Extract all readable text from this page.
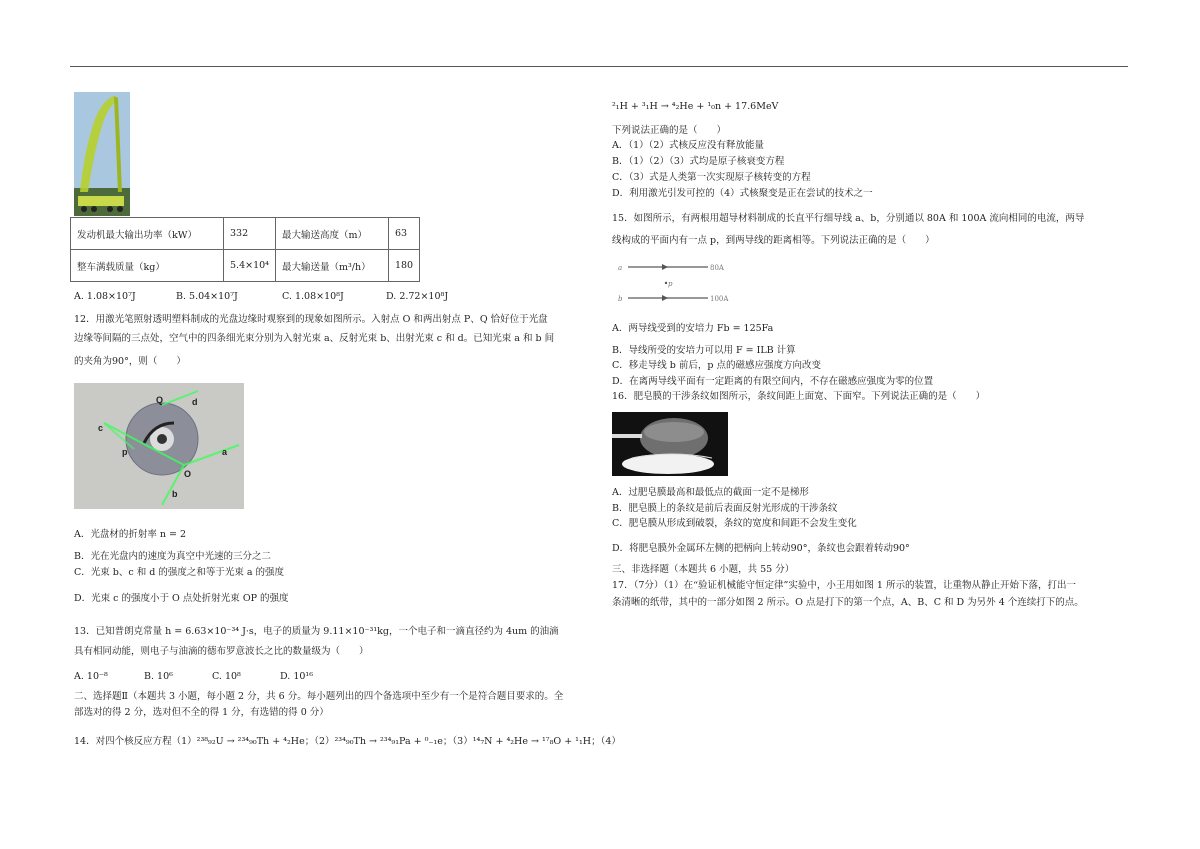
发动机最大输出功率（kW）	332	最大输送高度（m）	63
整车满载质量（kg）	5.4×10⁴	最大输送量（m³/h）	180
A. 1.08×10⁷J	B. 5.04×10⁷J	C. 1.08×10⁸J	D. 2.72×10⁸J
12．用激光笔照射透明塑料制成的光盘边缘时观察到的现象如图所示。入射点 O 和两出射点 P、Q 恰好位于光盘
边缘等间隔的三点处，空气中的四条细光束分别为入射光束 a、反射光束 b、出射光束 c 和 d。已知光束 a 和 b 间
的夹角为90°，则（　　）
Q	d
c
p	a
O
b
A．光盘材的折射率 n = 2
B．光在光盘内的速度为真空中光速的三分之二
C．光束 b、c 和 d 的强度之和等于光束 a 的强度
D．光束 c 的强度小于 O 点处折射光束 OP 的强度
13．已知普朗克常量 h = 6.63×10⁻³⁴ J·s，电子的质量为 9.11×10⁻³¹kg，一个电子和一滴直径约为 4um 的油滴
具有相同动能，则电子与油滴的德布罗意波长之比的数量级为（　　）
A. 10⁻⁸	B. 10⁶	C. 10⁸	D. 10¹⁶
二、选择题Ⅱ（本题共 3 小题，每小题 2 分，共 6 分。每小题列出的四个备选项中至少有一个是符合题目要求的。全
部选对的得 2 分，选对但不全的得 1 分，有选错的得 0 分）
14．对四个核反应方程（1）²³⁸₉₂U → ²³⁴₉₀Th + ⁴₂He；（2）²³⁴₉₀Th → ²³⁴₉₁Pa + ⁰₋₁e；（3）¹⁴₇N + ⁴₂He → ¹⁷₈O + ¹₁H；（4）
²₁H + ³₁H → ⁴₂He + ¹₀n + 17.6MeV
下列说法正确的是（　　）
A．（1）（2）式核反应没有释放能量
B．（1）（2）（3）式均是原子核衰变方程
C．（3）式是人类第一次实现原子核转变的方程
D．利用激光引发可控的（4）式核聚变是正在尝试的技术之一
15．如图所示，有两根用超导材料制成的长直平行细导线 a、b，分别通以 80A 和 100A 流向相同的电流，两导
线构成的平面内有一点 p，到两导线的距离相等。下列说法正确的是（　　）
a	80A
p
b	100A
A．两导线受到的安培力 Fb = 125Fa
B．导线所受的安培力可以用 F = ILB 计算
C．移走导线 b 前后，p 点的磁感应强度方向改变
D．在离两导线平面有一定距离的有限空间内，不存在磁感应强度为零的位置
16．肥皂膜的干涉条纹如图所示，条纹间距上面宽、下面窄。下列说法正确的是（　　）
A．过肥皂膜最高和最低点的截面一定不是梯形
B．肥皂膜上的条纹是前后表面反射光形成的干涉条纹
C．肥皂膜从形成到破裂，条纹的宽度和间距不会发生变化
D．将肥皂膜外金属环左侧的把柄向上转动90°，条纹也会跟着转动90°
三、非选择题（本题共 6 小题，共 55 分）
17．（7分）（1）在“验证机械能守恒定律”实验中，小王用如图 1 所示的装置，让重物从静止开始下落，打出一
条清晰的纸带，其中的一部分如图 2 所示。O 点是打下的第一个点，A、B、C 和 D 为另外 4 个连续打下的点。
